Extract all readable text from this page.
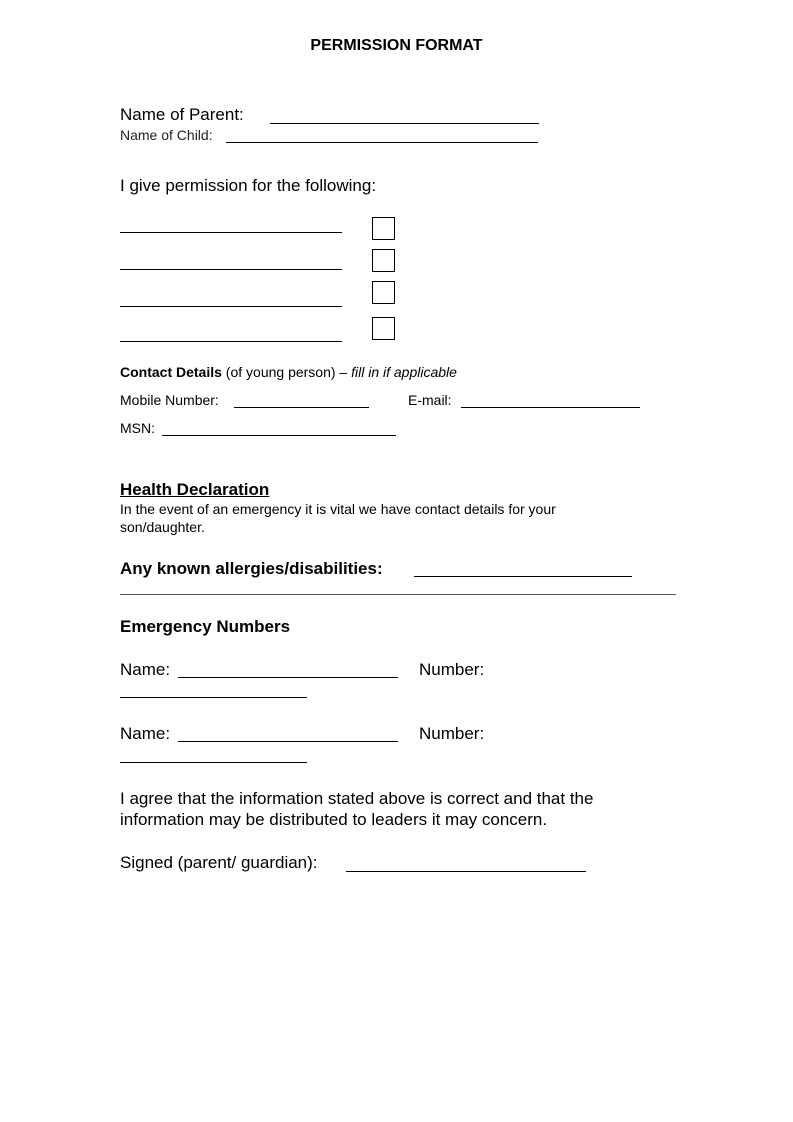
PERMISSION FORMAT
Name of Parent:
Name of Child:
I give permission for the following:
Contact Details (of young person) – fill in if applicable
Mobile Number:	E-mail:
MSN:
Health Declaration
In the event of an emergency it is vital we have contact details for your
son/daughter.
Any known allergies/disabilities:
Emergency Numbers
Name:	Number:
Name:	Number:
I agree that the information stated above is correct and that the
information may be distributed to leaders it may concern.
Signed (parent/ guardian):
